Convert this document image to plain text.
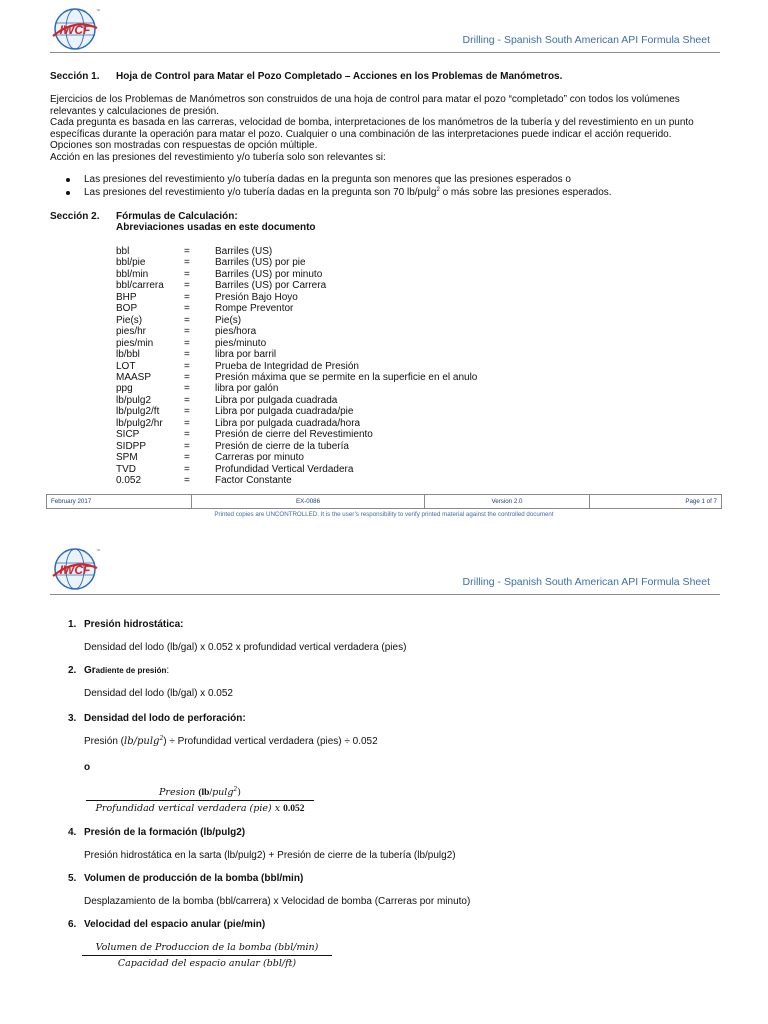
IWCF
™
Drilling - Spanish South American API Formula Sheet
Sección 1. Hoja de Control para Matar el Pozo Completado – Acciones en los Problemas de Manómetros.
Ejercicios de los Problemas de Manómetros son construidos de una hoja de control para matar el pozo “completado” con todos los volúmenes
relevantes y calculaciones de presión.
Cada pregunta es basada en las carreras, velocidad de bomba, interpretaciones de los manómetros de la tubería y del revestimiento en un punto
específicas durante la operación para matar el pozo. Cualquier o una combinación de las interpretaciones puede indicar el acción requerido.
Opciones son mostradas con respuestas de opción múltiple.
Acción en las presiones del revestimiento y/o tubería solo son relevantes si:
Las presiones del revestimiento y/o tubería dadas en la pregunta son menores que las presiones esperados o
Las presiones del revestimiento y/o tubería dadas en la pregunta son 70 lb/pulg$^2$ o más sobre las presiones esperados.
Sección 2. Fórmulas de Calculación:
Abreviaciones usadas en este documento
bbl	=	Barriles (US)
bbl/pie	=	Barriles (US) por pie
bbl/min	=	Barriles (US) por minuto
bbl/carrera	=	Barriles (US) por Carrera
BHP	=	Presión Bajo Hoyo
BOP	=	Rompe Preventor
Pie(s)	=	Pie(s)
pies/hr	=	pies/hora
pies/min	=	pies/minuto
lb/bbl	=	libra por barril
LOT	=	Prueba de Integridad de Presión
MAASP	=	Presión máxima que se permite en la superficie en el anulo
ppg	=	libra por galón
lb/pulg2	=	Libra por pulgada cuadrada
lb/pulg2/ft	=	Libra por pulgada cuadrada/pie
lb/pulg2/hr	=	Libra por pulgada cuadrada/hora
SICP	=	Presión de cierre del Revestimiento
SIDPP	=	Presión de cierre de la tubería
SPM	=	Carreras por minuto
TVD	=	Profundidad Vertical Verdadera
0.052	=	Factor Constante
February 2017	EX-0086	Version 2.0	Page 1 of 7
Printed copies are UNCONTROLLED. It is the user’s responsibility to verify printed material against the controlled document
IWCF
™
Drilling - Spanish South American API Formula Sheet
1. Presión hidrostática:
Densidad del lodo (lb/gal) x 0.052 x profundidad vertical verdadera (pies)
2. Gradiente de presión:
Densidad del lodo (lb/gal) x 0.052
3. Densidad del lodo de perforación:
Presión (lb/pulg$^2$) ÷ Profundidad vertical verdadera (pies) ÷ 0.052
o
Presion (lb/pulg$^2$)
Profundidad vertical verdadera (pie) x 0.052
4. Presión de la formación (lb/pulg2)
Presión hidrostática en la sarta (lb/pulg2) + Presión de cierre de la tubería (lb/pulg2)
5. Volumen de producción de la bomba (bbl/min)
Desplazamiento de la bomba (bbl/carrera) x Velocidad de bomba (Carreras por minuto)
6. Velocidad del espacio anular (pie/min)
Volumen de Produccion de la bomba (bbl/min)
Capacidad del espacio anular (bbl/ft)
